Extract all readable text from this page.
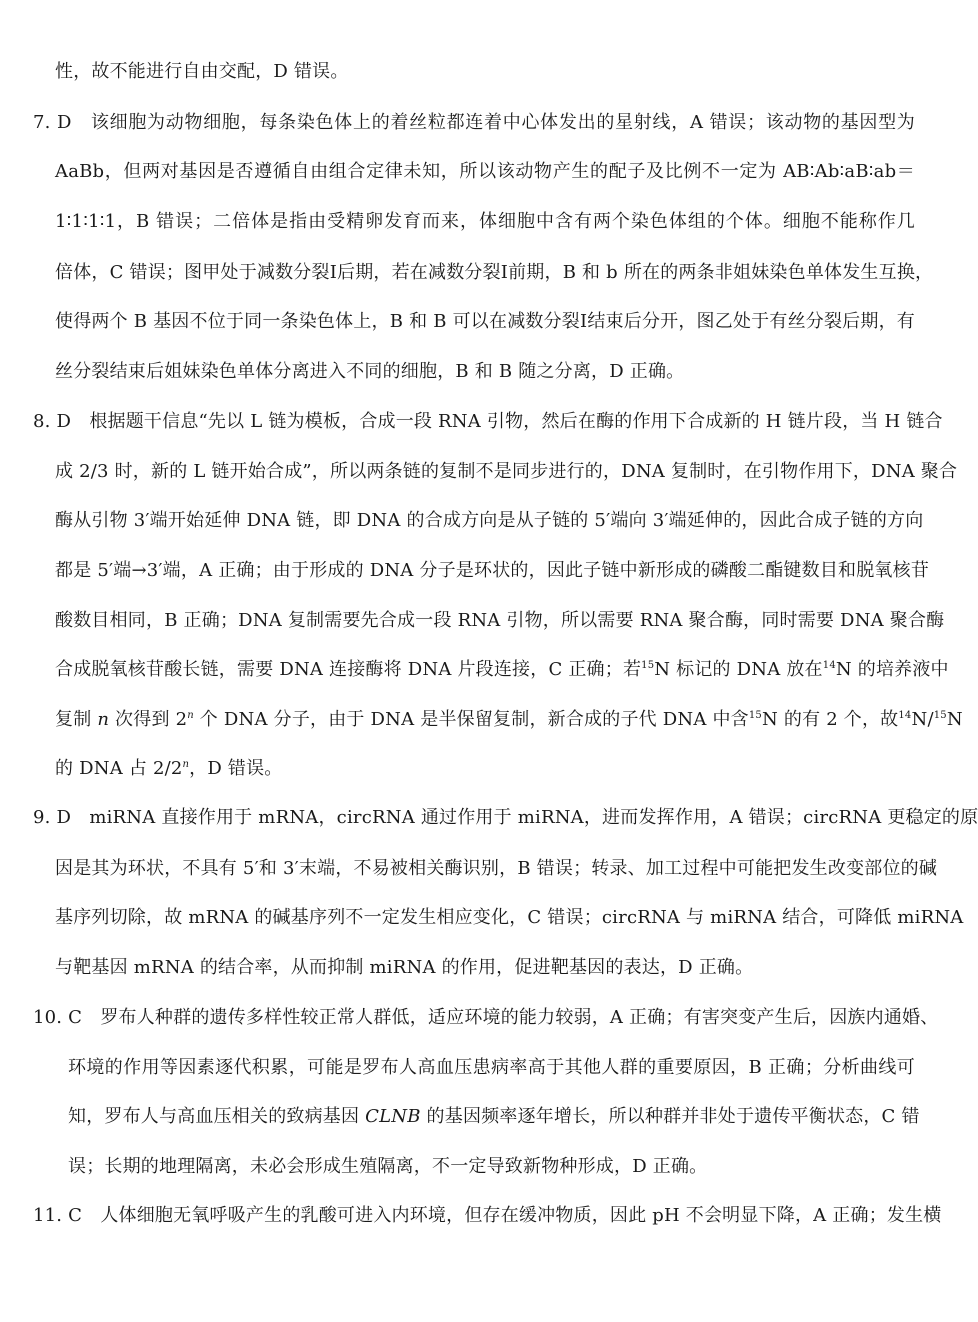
性，故不能进行自由交配，D 错误。
7. D　该细胞为动物细胞，每条染色体上的着丝粒都连着中心体发出的星射线，A 错误；该动物的基因型为
AaBb，但两对基因是否遵循自由组合定律未知，所以该动物产生的配子及比例不一定为 AB∶Ab∶aB∶ab＝
1∶1∶1∶1，B 错误；二倍体是指由受精卵发育而来，体细胞中含有两个染色体组的个体。细胞不能称作几
倍体，C 错误；图甲处于减数分裂Ⅰ后期，若在减数分裂Ⅰ前期，B 和 b 所在的两条非姐妹染色单体发生互换，
使得两个 B 基因不位于同一条染色体上，B 和 B 可以在减数分裂Ⅰ结束后分开，图乙处于有丝分裂后期，有
丝分裂结束后姐妹染色单体分离进入不同的细胞，B 和 B 随之分离，D 正确。
8. D　根据题干信息“先以 L 链为模板，合成一段 RNA 引物，然后在酶的作用下合成新的 H 链片段，当 H 链合
成 2/3 时，新的 L 链开始合成”，所以两条链的复制不是同步进行的，DNA 复制时，在引物作用下，DNA 聚合
酶从引物 3′端开始延伸 DNA 链，即 DNA 的合成方向是从子链的 5′端向 3′端延伸的，因此合成子链的方向
都是 5′端→3′端，A 正确；由于形成的 DNA 分子是环状的，因此子链中新形成的磷酸二酯键数目和脱氧核苷
酸数目相同，B 正确；DNA 复制需要先合成一段 RNA 引物，所以需要 RNA 聚合酶，同时需要 DNA 聚合酶
合成脱氧核苷酸长链，需要 DNA 连接酶将 DNA 片段连接，C 正确；若$^{15}$N 标记的 DNA 放在$^{14}$N 的培养液中
复制 n 次得到 2$^n$ 个 DNA 分子，由于 DNA 是半保留复制，新合成的子代 DNA 中含$^{15}$N 的有 2 个，故$^{14}$N/$^{15}$N
的 DNA 占 2/2$^n$，D 错误。
9. D　miRNA 直接作用于 mRNA，circRNA 通过作用于 miRNA，进而发挥作用，A 错误；circRNA 更稳定的原
因是其为环状，不具有 5′和 3′末端，不易被相关酶识别，B 错误；转录、加工过程中可能把发生改变部位的碱
基序列切除，故 mRNA 的碱基序列不一定发生相应变化，C 错误；circRNA 与 miRNA 结合，可降低 miRNA
与靶基因 mRNA 的结合率，从而抑制 miRNA 的作用，促进靶基因的表达，D 正确。
10. C　罗布人种群的遗传多样性较正常人群低，适应环境的能力较弱，A 正确；有害突变产生后，因族内通婚、
环境的作用等因素逐代积累，可能是罗布人高血压患病率高于其他人群的重要原因，B 正确；分析曲线可
知，罗布人与高血压相关的致病基因 CLNB 的基因频率逐年增长，所以种群并非处于遗传平衡状态，C 错
误；长期的地理隔离，未必会形成生殖隔离，不一定导致新物种形成，D 正确。
11. C　人体细胞无氧呼吸产生的乳酸可进入内环境，但存在缓冲物质，因此 pH 不会明显下降，A 正确；发生横
